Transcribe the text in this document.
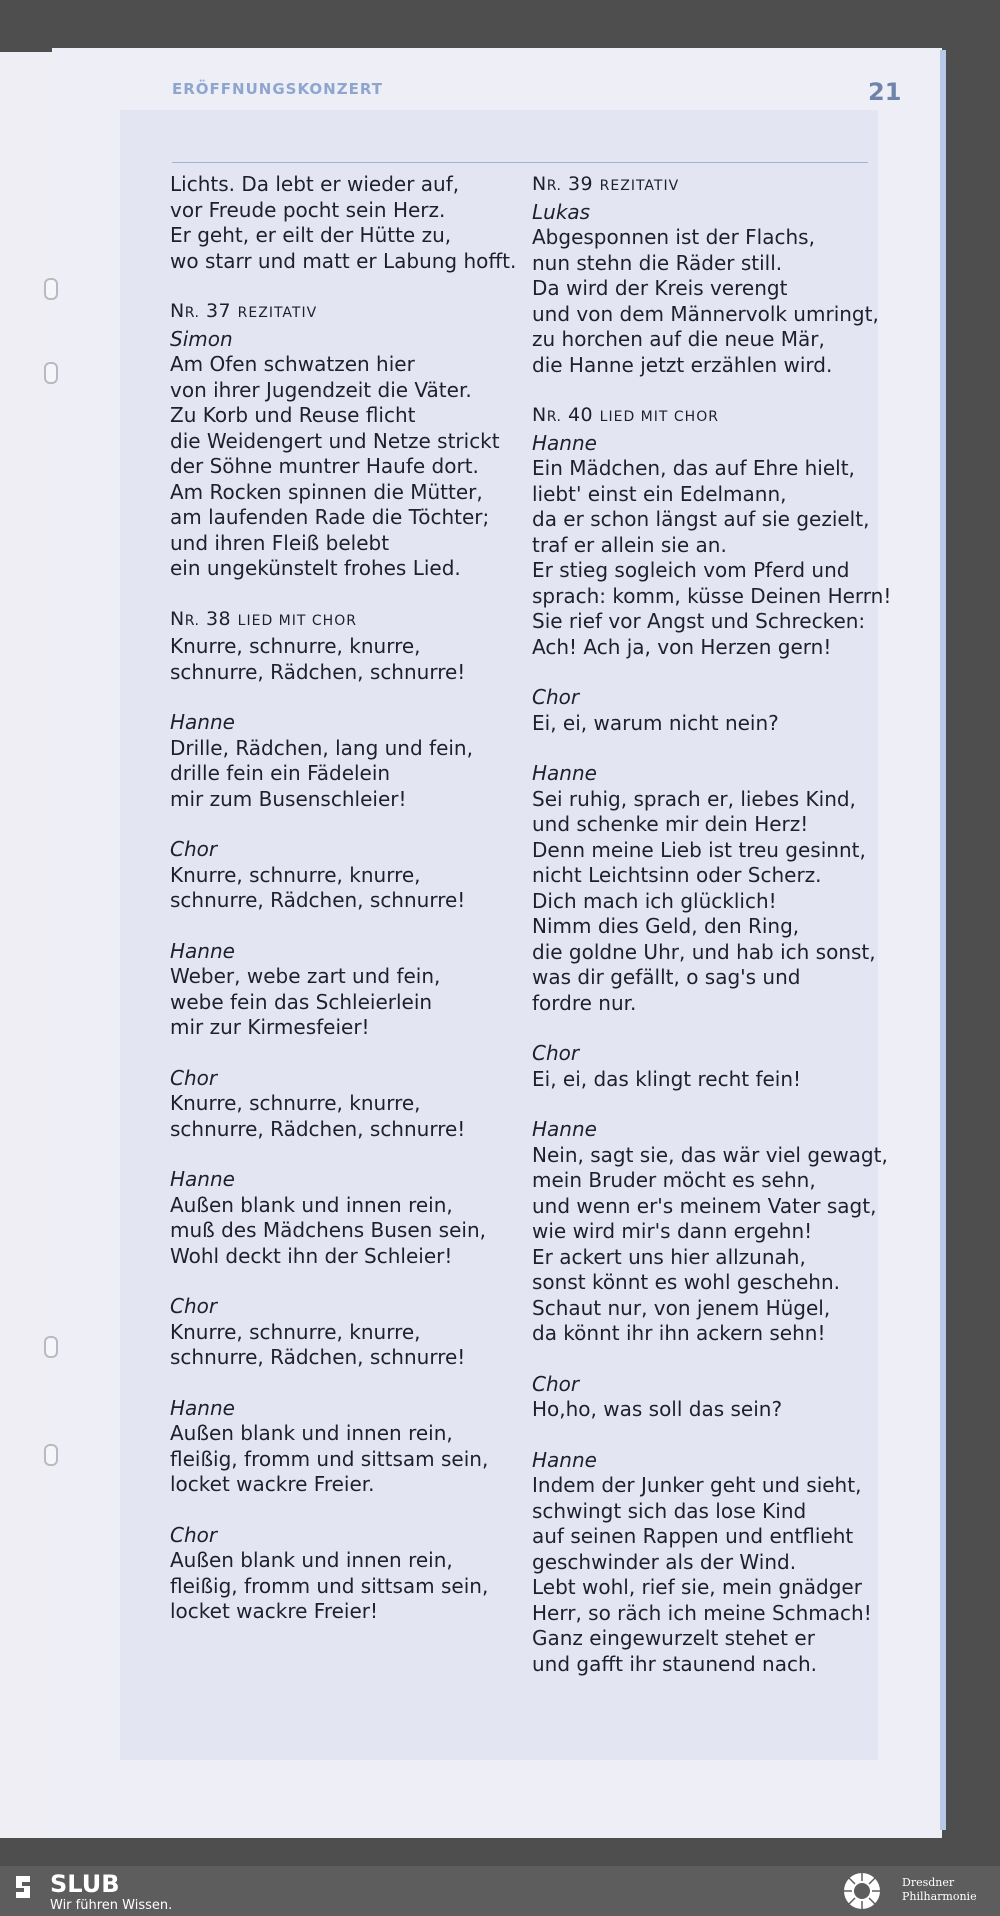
ERÖFFNUNGSKONZERT	21
Lichts. Da lebt er wieder auf,
vor Freude pocht sein Herz.
Er geht, er eilt der Hütte zu,
wo starr und matt er Labung hofft.
NR. 37 REZITATIV
Simon
Am Ofen schwatzen hier
von ihrer Jugendzeit die Väter.
Zu Korb und Reuse flicht
die Weidengert und Netze strickt
der Söhne muntrer Haufe dort.
Am Rocken spinnen die Mütter,
am laufenden Rade die Töchter;
und ihren Fleiß belebt
ein ungekünstelt frohes Lied.
NR. 38 LIED MIT CHOR
Knurre, schnurre, knurre,
schnurre, Rädchen, schnurre!
Hanne
Drille, Rädchen, lang und fein,
drille fein ein Fädelein
mir zum Busenschleier!
Chor
Knurre, schnurre, knurre,
schnurre, Rädchen, schnurre!
Hanne
Weber, webe zart und fein,
webe fein das Schleierlein
mir zur Kirmesfeier!
Chor
Knurre, schnurre, knurre,
schnurre, Rädchen, schnurre!
Hanne
Außen blank und innen rein,
muß des Mädchens Busen sein,
Wohl deckt ihn der Schleier!
Chor
Knurre, schnurre, knurre,
schnurre, Rädchen, schnurre!
Hanne
Außen blank und innen rein,
fleißig, fromm und sittsam sein,
locket wackre Freier.
Chor
Außen blank und innen rein,
fleißig, fromm und sittsam sein,
locket wackre Freier!
NR. 39 REZITATIV
Lukas
Abgesponnen ist der Flachs,
nun stehn die Räder still.
Da wird der Kreis verengt
und von dem Männervolk umringt,
zu horchen auf die neue Mär,
die Hanne jetzt erzählen wird.
NR. 40 LIED MIT CHOR
Hanne
Ein Mädchen, das auf Ehre hielt,
liebt' einst ein Edelmann,
da er schon längst auf sie gezielt,
traf er allein sie an.
Er stieg sogleich vom Pferd und
sprach: komm, küsse Deinen Herrn!
Sie rief vor Angst und Schrecken:
Ach! Ach ja, von Herzen gern!
Chor
Ei, ei, warum nicht nein?
Hanne
Sei ruhig, sprach er, liebes Kind,
und schenke mir dein Herz!
Denn meine Lieb ist treu gesinnt,
nicht Leichtsinn oder Scherz.
Dich mach ich glücklich!
Nimm dies Geld, den Ring,
die goldne Uhr, und hab ich sonst,
was dir gefällt, o sag's und
fordre nur.
Chor
Ei, ei, das klingt recht fein!
Hanne
Nein, sagt sie, das wär viel gewagt,
mein Bruder möcht es sehn,
und wenn er's meinem Vater sagt,
wie wird mir's dann ergehn!
Er ackert uns hier allzunah,
sonst könnt es wohl geschehn.
Schaut nur, von jenem Hügel,
da könnt ihr ihn ackern sehn!
Chor
Ho,ho, was soll das sein?
Hanne
Indem der Junker geht und sieht,
schwingt sich das lose Kind
auf seinen Rappen und entflieht
geschwinder als der Wind.
Lebt wohl, rief sie, mein gnädger
Herr, so räch ich meine Schmach!
Ganz eingewurzelt stehet er
und gafft ihr staunend nach.
SLUB
Wir führen Wissen.
Dresdner
Philharmonie
